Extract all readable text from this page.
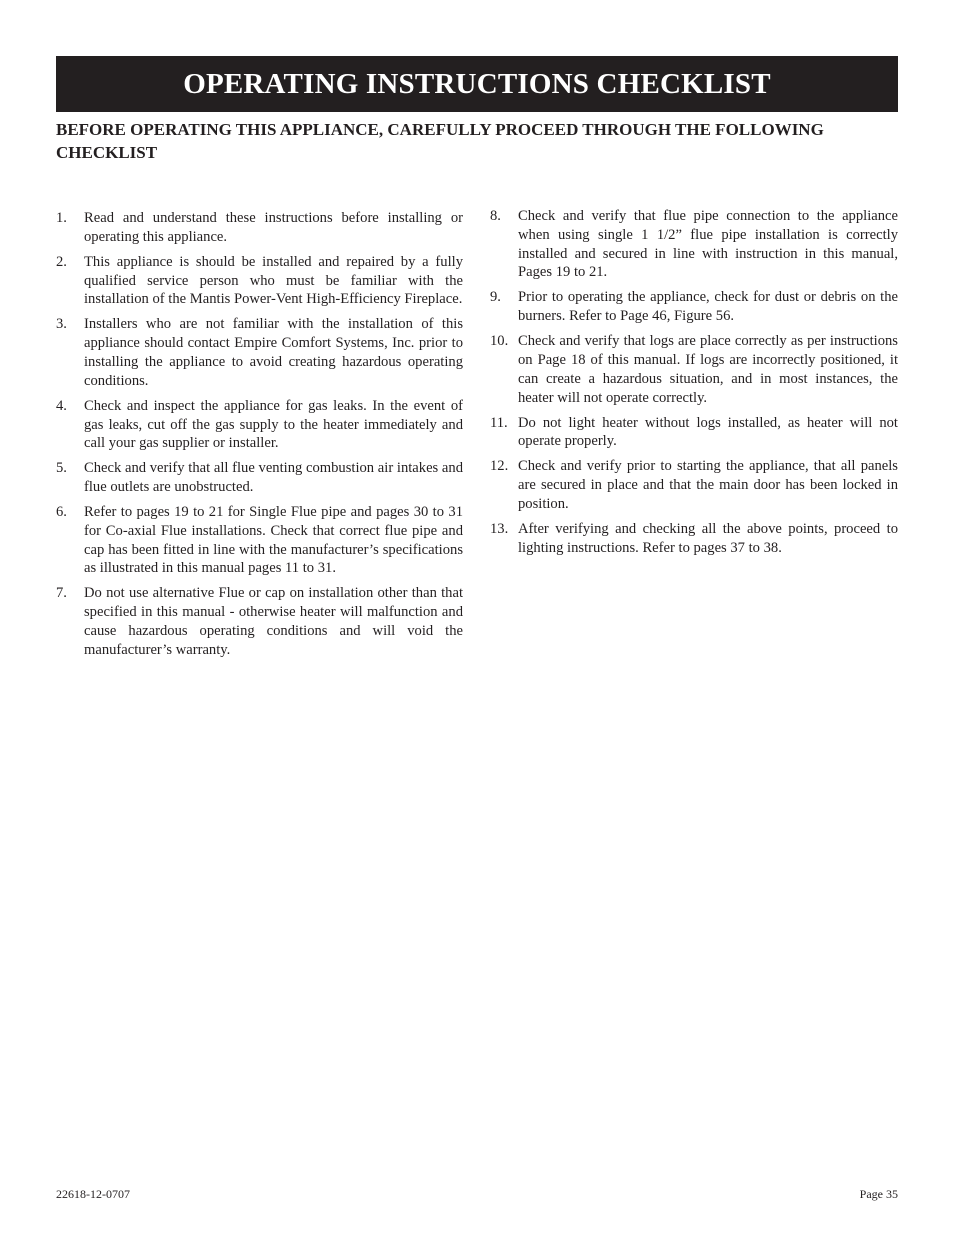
OPERATING INSTRUCTIONS CHECKLIST

BEFORE OPERATING THIS APPLIANCE, CAREFULLY PROCEED THROUGH THE FOLLOWING CHECKLIST

1.	Read and understand these instructions before installing or operating this appliance.
2.	This appliance is should be installed and repaired by a fully qualified service person who must be familiar with the installation of the Mantis Power-Vent High-Efficiency Fireplace.
3.	Installers who are not familiar with the installation of this appliance should contact Empire Comfort Systems, Inc. prior to installing the appliance to avoid creating hazardous operating conditions.
4.	Check and inspect the appliance for gas leaks. In the event of gas leaks, cut off the gas supply to the heater immediately and call your gas supplier or installer.
5.	Check and verify that all flue venting combustion air intakes and flue outlets are unobstructed.
6.	Refer to pages 19 to 21 for Single Flue pipe and pages 30 to 31 for Co-axial Flue installations. Check that correct flue pipe and cap has been fitted in line with the manufacturer’s specifications as illustrated in this manual pages 11 to 31.
7.	Do not use alternative Flue or cap on installation other than that specified in this manual - otherwise heater will malfunction and cause hazardous operating conditions and will void the manufacturer’s warranty.
8.	Check and verify that flue pipe connection to the appliance when using single 1 1/2” flue pipe installation is correctly installed and secured in line with instruction in this manual, Pages 19 to 21.
9.	Prior to operating the appliance, check for dust or debris on the burners. Refer to Page 46, Figure 56.
10. Check and verify that logs are place correctly as per instructions on Page 18 of this manual. If logs are incorrectly positioned, it can create a hazardous situation, and in most instances, the heater will not operate correctly.
11. Do not light heater without logs installed, as heater will not operate properly.
12. Check and verify prior to starting the appliance, that all panels are secured in place and that the main door has been locked in position.
13. After verifying and checking all the above points, proceed to lighting instructions. Refer to pages 37 to 38.
22618-12-0707	Page 35
